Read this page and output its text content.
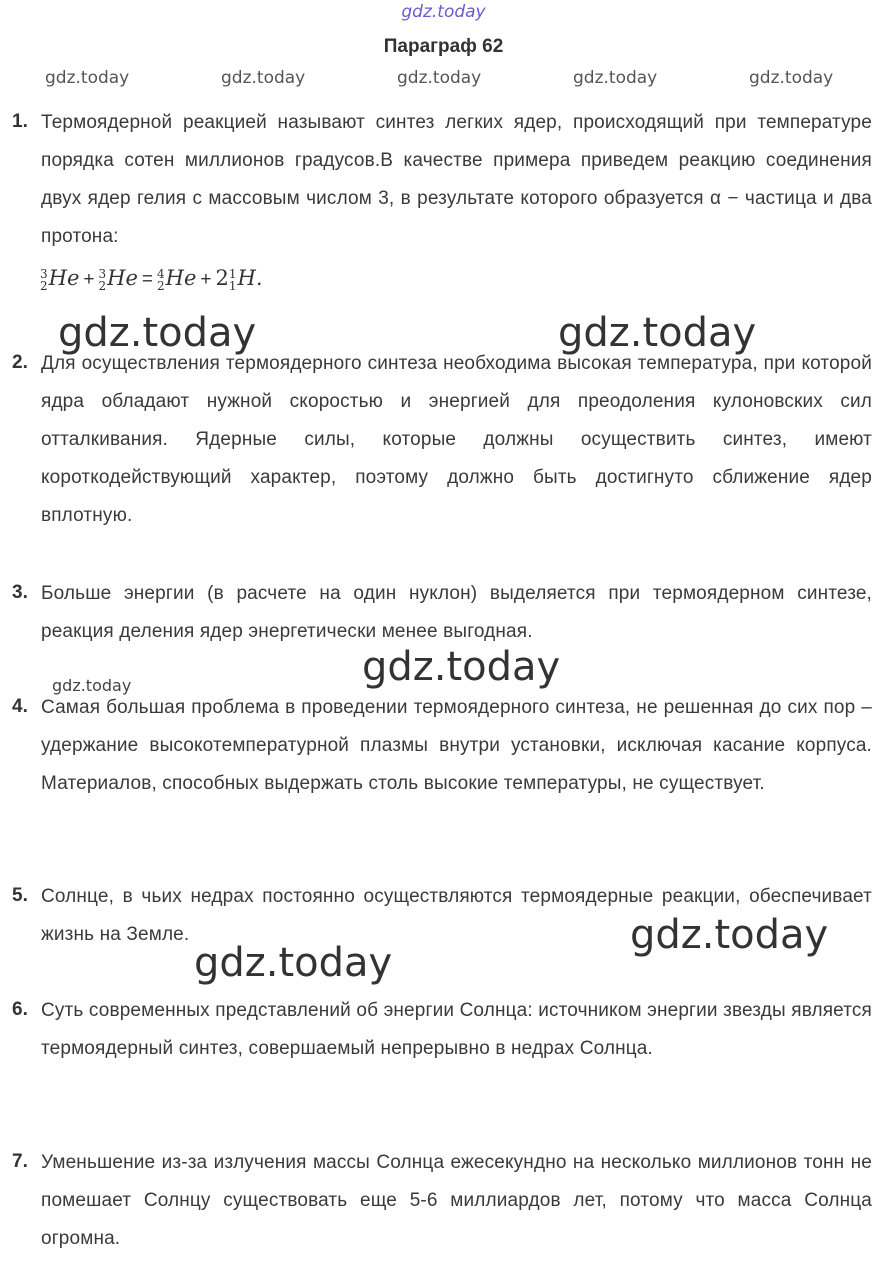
gdz.today
Параграф 62
gdz.today	gdz.today	gdz.today	gdz.today	gdz.today
1. Термоядерной реакцией называют синтез легких ядер, происходящий при температуре порядка сотен миллионов градусов.В качестве примера приведем реакцию соединения двух ядер гелия с массовым числом 3, в результате которого образуется α − частица и два протона:
3
2 He + 3
2 He = 4
2 He + 2 1
1 H.
2. Для осуществления термоядерного синтеза необходима высокая температура, при которой ядра обладают нужной скоростью и энергией для преодоления кулоновских сил отталкивания. Ядерные силы, которые должны осуществить синтез, имеют короткодействующий характер, поэтому должно быть достигнуто сближение ядер вплотную.
3. Больше энергии (в расчете на один нуклон) выделяется при термоядерном синтезе, реакция деления ядер энергетически менее выгодная.
4. Самая большая проблема в проведении термоядерного синтеза, не решенная до сих пор – удержание высокотемпературной плазмы внутри установки, исключая касание корпуса. Материалов, способных выдержать столь высокие температуры, не существует.
5. Солнце, в чьих недрах постоянно осуществляются термоядерные реакции, обеспечивает жизнь на Земле.
6. Суть современных представлений об энергии Солнца: источником энергии звезды является термоядерный синтез, совершаемый непрерывно в недрах Солнца.
7. Уменьшение из-за излучения массы Солнца ежесекундно на несколько миллионов тонн не помешает Солнцу существовать еще 5-6 миллиардов лет, потому что масса Солнца огромна.
gdz.today	gdz.today
gdz.today
gdz.today
gdz.today
gdz.today
